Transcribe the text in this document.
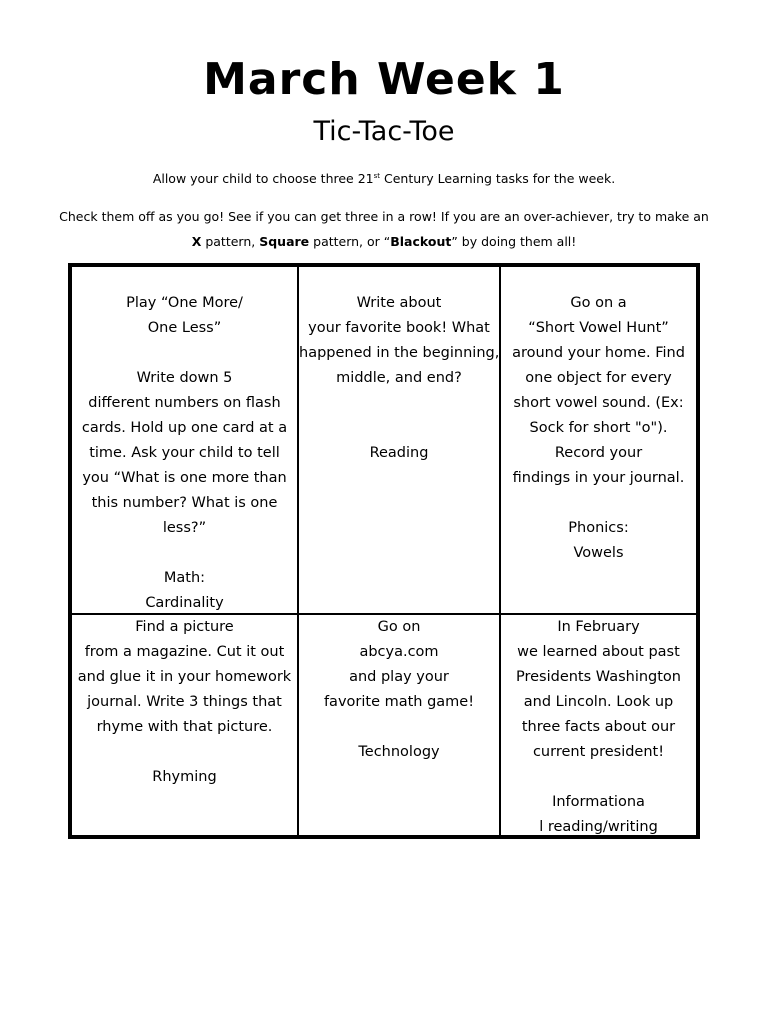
March Week 1
Tic-Tac-Toe
Allow your child to choose three 21st Century Learning tasks for the week.
Check them off as you go! See if you can get three in a row! If you are an over-achiever, try to make an
X pattern, Square pattern, or “Blackout” by doing them all!
Play “One More/
One Less”
Write down 5
different numbers on flash
cards. Hold up one card at a
time. Ask your child to tell
you “What is one more than
this number? What is one
less?”
Math:
Cardinality
Write about
your favorite book! What
happened in the beginning,
middle, and end?
Reading
Go on a
“Short Vowel Hunt”
around your home. Find
one object for every
short vowel sound. (Ex:
Sock for short "o").
Record your
findings in your journal.
Phonics:
Vowels
Find a picture
from a magazine. Cut it out
and glue it in your homework
journal. Write 3 things that
rhyme with that picture.
Rhyming
Go on
abcya.com
and play your
favorite math game!
Technology
In February
we learned about past
Presidents Washington
and Lincoln. Look up
three facts about our
current president!
Informationa
l reading/writing
